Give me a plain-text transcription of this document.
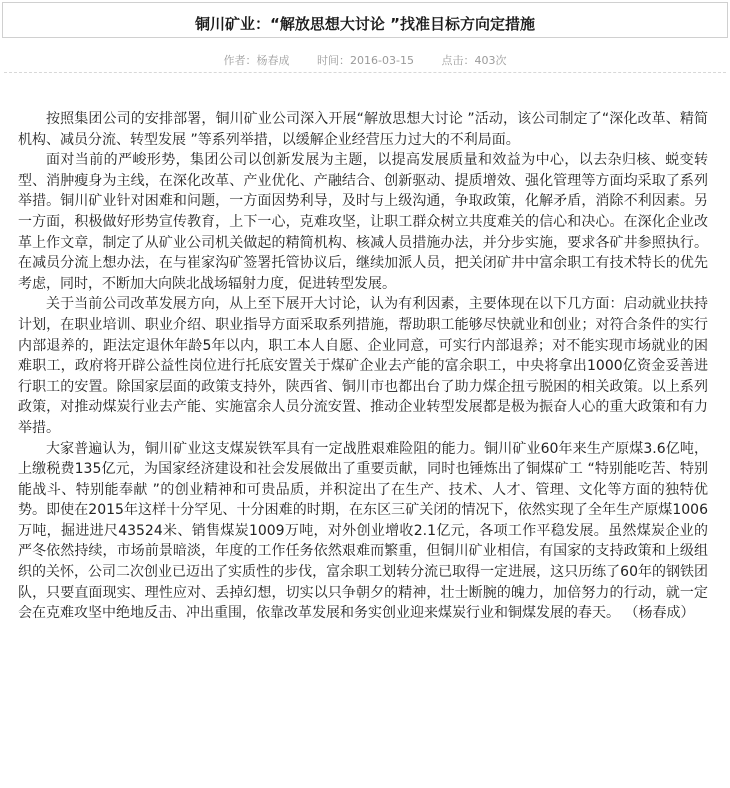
铜川矿业：“解放思想大讨论 ”找准目标方向定措施
作者：杨春成	时间：2016-03-15	点击：403次

按照集团公司的安排部署，铜川矿业公司深入开展“解放思想大讨论 ”活动，该公司制定了“深化改革、精简机构、减员分流、转型发展 ”等系列举措，以缓解企业经营压力过大的不利局面。

面对当前的严峻形势，集团公司以创新发展为主题，以提高发展质量和效益为中心，以去杂归核、蜕变转型、消肿瘦身为主线，在深化改革、产业优化、产融结合、创新驱动、提质增效、强化管理等方面均采取了系列举措。铜川矿业针对困难和问题，一方面因势利导，及时与上级沟通，争取政策，化解矛盾，消除不利因素。另一方面，积极做好形势宣传教育，上下一心，克难攻坚，让职工群众树立共度难关的信心和决心。在深化企业改革上作文章，制定了从矿业公司机关做起的精简机构、核减人员措施办法，并分步实施，要求各矿井参照执行。在减员分流上想办法，在与崔家沟矿签署托管协议后，继续加派人员，把关闭矿井中富余职工有技术特长的优先考虑，同时，不断加大向陕北战场辐射力度，促进转型发展。

关于当前公司改革发展方向，从上至下展开大讨论，认为有利因素，主要体现在以下几方面：启动就业扶持计划，在职业培训、职业介绍、职业指导方面采取系列措施，帮助职工能够尽快就业和创业；对符合条件的实行内部退养的，距法定退休年龄5年以内，职工本人自愿、企业同意，可实行内部退养；对不能实现市场就业的困难职工，政府将开辟公益性岗位进行托底安置关于煤矿企业去产能的富余职工，中央将拿出1000亿资金妥善进行职工的安置。除国家层面的政策支持外，陕西省、铜川市也都出台了助力煤企扭亏脱困的相关政策。以上系列政策，对推动煤炭行业去产能、实施富余人员分流安置、推动企业转型发展都是极为振奋人心的重大政策和有力举措。

大家普遍认为，铜川矿业这支煤炭铁军具有一定战胜艰难险阻的能力。铜川矿业60年来生产原煤3.6亿吨，上缴税费135亿元，为国家经济建设和社会发展做出了重要贡献，同时也锤炼出了铜煤矿工 “特别能吃苦、特别能战斗、特别能奉献 ”的创业精神和可贵品质，并积淀出了在生产、技术、人才、管理、文化等方面的独特优势。即使在2015年这样十分罕见、十分困难的时期，在东区三矿关闭的情况下，依然实现了全年生产原煤1006万吨，掘进进尺43524米、销售煤炭1009万吨，对外创业增收2.1亿元，各项工作平稳发展。虽然煤炭企业的严冬依然持续，市场前景暗淡，年度的工作任务依然艰难而繁重，但铜川矿业相信，有国家的支持政策和上级组织的关怀，公司二次创业已迈出了实质性的步伐，富余职工划转分流已取得一定进展，这只历练了60年的钢铁团队，只要直面现实、理性应对、丢掉幻想，切实以只争朝夕的精神，壮士断腕的魄力，加倍努力的行动，就一定会在克难攻坚中绝地反击、冲出重围，依靠改革发展和务实创业迎来煤炭行业和铜煤发展的春天。 （杨春成）
